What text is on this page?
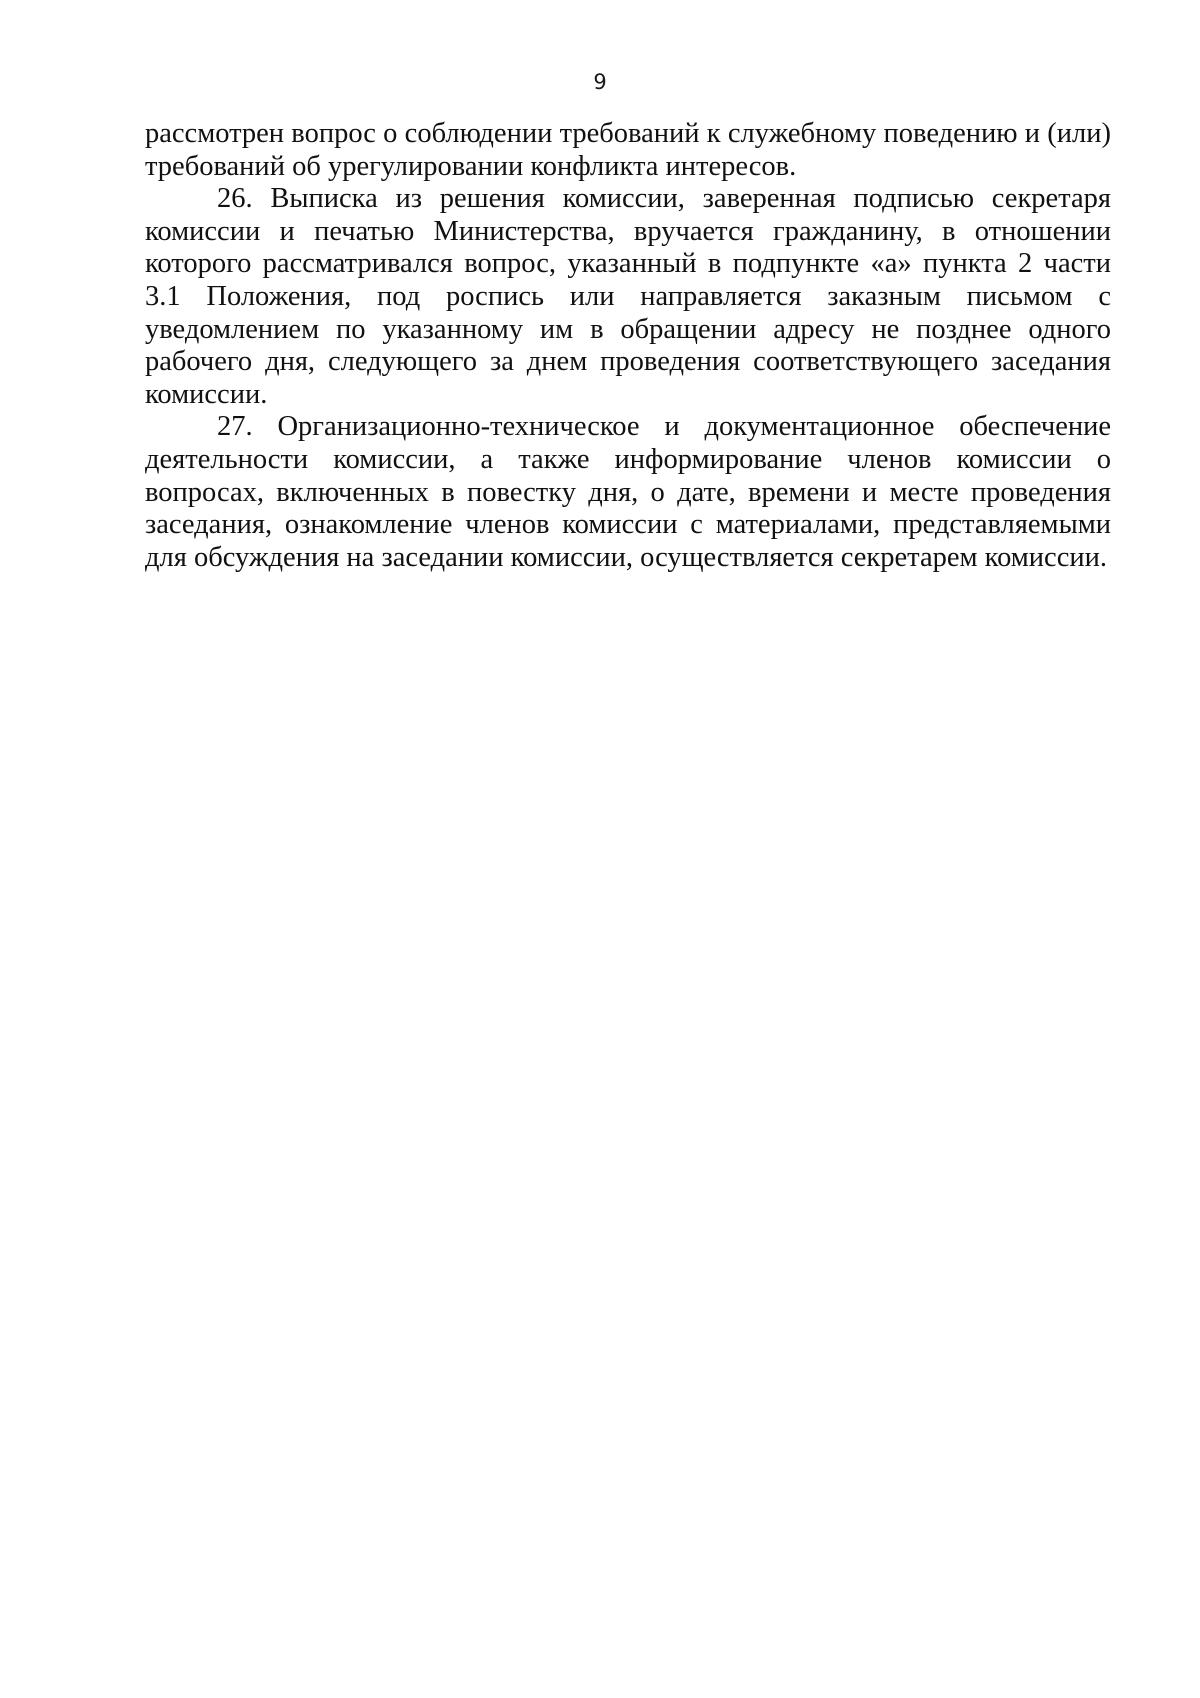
9

рассмотрен вопрос о соблюдении требований к служебному поведению и (или) требований об урегулировании конфликта интересов.

26. Выписка из решения комиссии, заверенная подписью секретаря комиссии и печатью Министерства, вручается гражданину, в отношении которого рассматривался вопрос, указанный в подпункте «а» пункта 2 части 3.1 Положения, под роспись или направляется заказным письмом с уведомлением по указанному им в обращении адресу не позднее одного рабочего дня, следующего за днем проведения соответствующего заседания комиссии.

27. Организационно-техническое и документационное обеспечение деятельности комиссии, а также информирование членов комиссии о вопросах, включенных в повестку дня, о дате, времени и месте проведения заседания, ознакомление членов комиссии с материалами, представляемыми для обсуждения на заседании комиссии, осуществляется секретарем комиссии.
